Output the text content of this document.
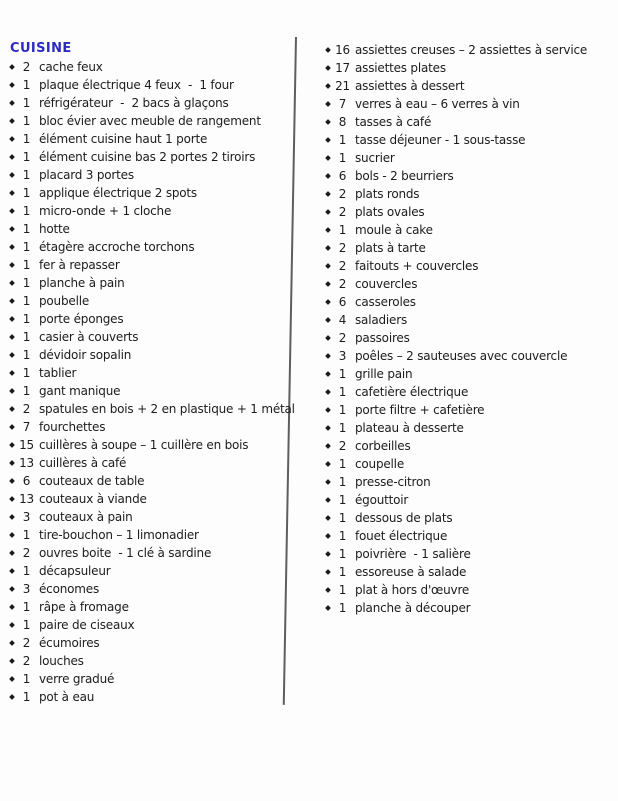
CUISINE
2 cache feux
1 plaque électrique 4 feux  -  1 four
1 réfrigérateur  -  2 bacs à glaçons
1 bloc évier avec meuble de rangement
1 élément cuisine haut 1 porte
1 élément cuisine bas 2 portes 2 tiroirs
1 placard 3 portes
1 applique électrique 2 spots
1 micro-onde + 1 cloche
1 hotte
1 étagère accroche torchons
1 fer à repasser
1 planche à pain
1 poubelle
1 porte éponges
1 casier à couverts
1 dévidoir sopalin
1 tablier
1 gant manique
2 spatules en bois + 2 en plastique + 1 métal
7 fourchettes
15 cuillères à soupe – 1 cuillère en bois
13 cuillères à café
6 couteaux de table
13 couteaux à viande
3 couteaux à pain
1 tire-bouchon – 1 limonadier
2 ouvres boite  - 1 clé à sardine
1 décapsuleur
3 économes
1 râpe à fromage
1 paire de ciseaux
2 écumoires
2 louches
1 verre gradué
1 pot à eau
16 assiettes creuses – 2 assiettes à service
17 assiettes plates
21 assiettes à dessert
7 verres à eau – 6 verres à vin
8 tasses à café
1 tasse déjeuner - 1 sous-tasse
1 sucrier
6 bols - 2 beurriers
2 plats ronds
2 plats ovales
1 moule à cake
2 plats à tarte
2 faitouts + couvercles
2 couvercles
6 casseroles
4 saladiers
2 passoires
3 poêles – 2 sauteuses avec couvercle
1 grille pain
1 cafetière électrique
1 porte filtre + cafetière
1 plateau à desserte
2 corbeilles
1 coupelle
1 presse-citron
1 égouttoir
1 dessous de plats
1 fouet électrique
1 poivrière  - 1 salière
1 essoreuse à salade
1 plat à hors d'œuvre
1 planche à découper
